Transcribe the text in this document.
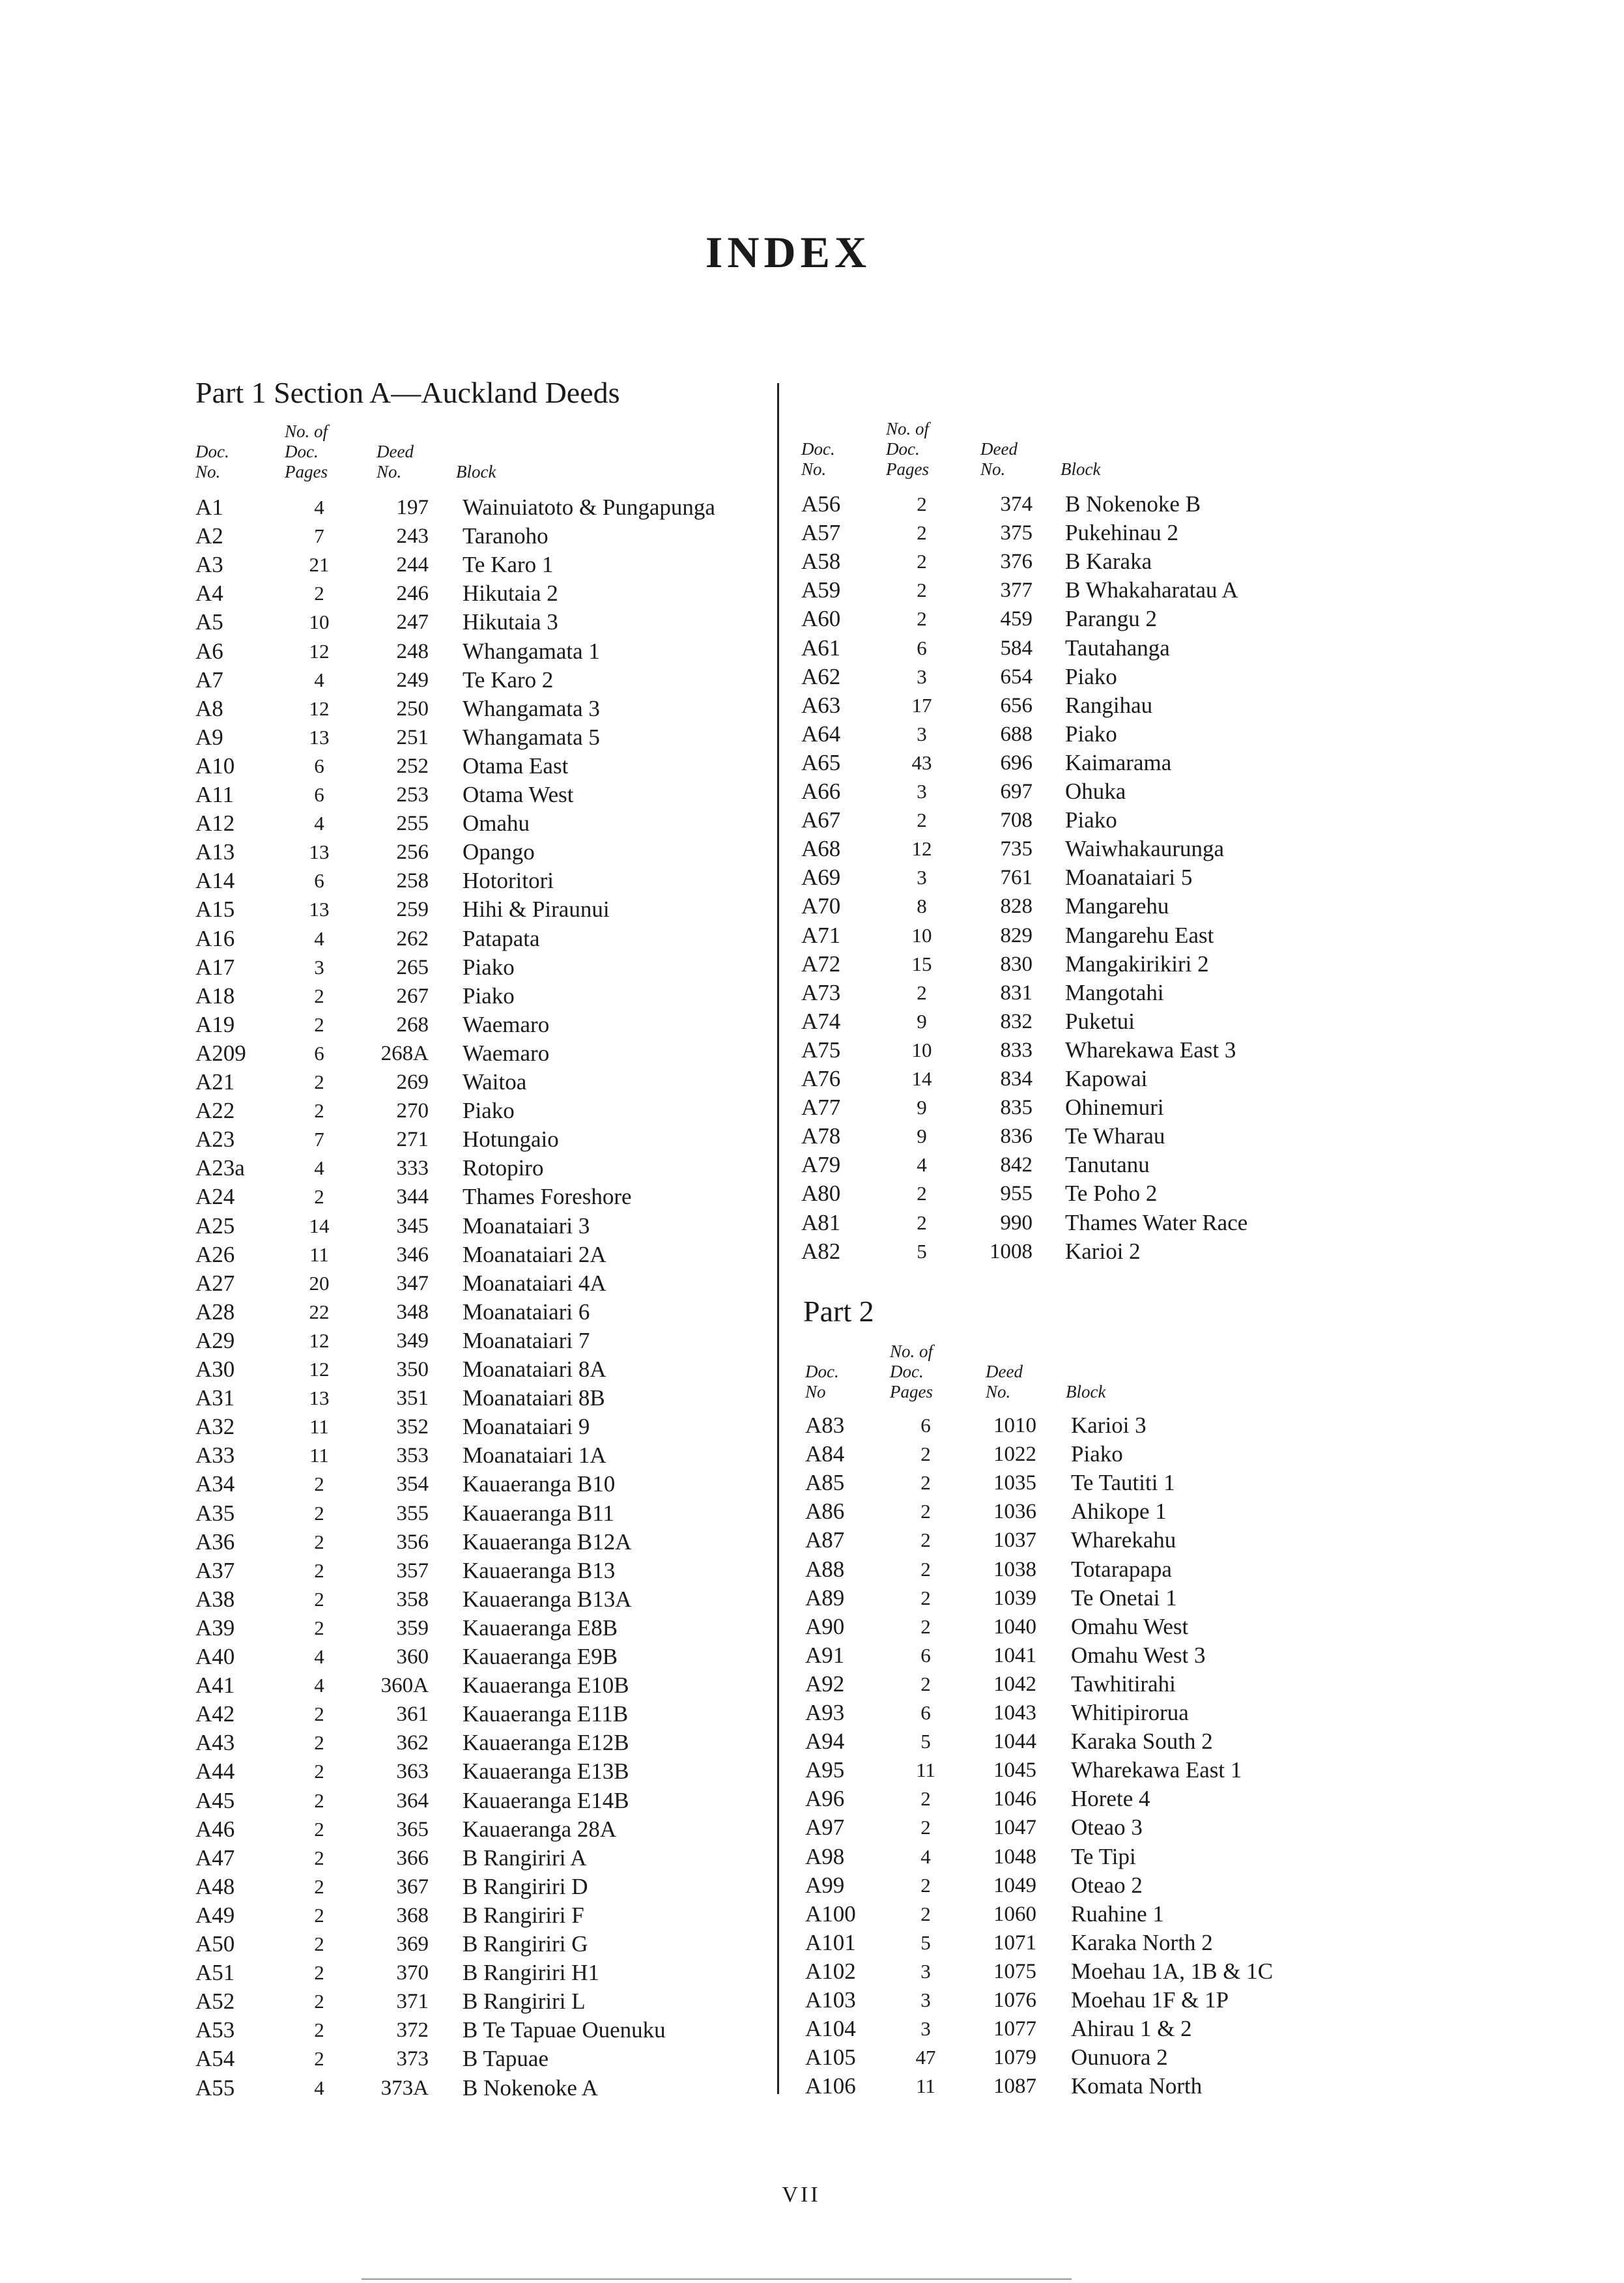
INDEX
Part 1 Section A—Auckland Deeds
Doc.
No.
No. of
Doc.
Pages
Deed
No.	Block
Doc.
No.
No. of
Doc.
Pages
Deed
No.	Block
A1	4	197 Wainuiatoto & Pungapunga
A2	7	243 Taranoho
A3	21	244 Te Karo 1
A4	2	246 Hikutaia 2
A5	10	247 Hikutaia 3
A6	12	248 Whangamata 1
A7	4	249 Te Karo 2
A8	12	250 Whangamata 3
A9	13	251 Whangamata 5
A10	6	252 Otama East
A11	6	253 Otama West
A12	4	255 Omahu
A13	13	256 Opango
A14	6	258 Hotoritori
A15	13	259 Hihi & Piraunui
A16	4	262 Patapata
A17	3	265 Piako
A18	2	267 Piako
A19	2	268 Waemaro
A209	6	268A Waemaro
A21	2	269 Waitoa
A22	2	270 Piako
A23	7	271 Hotungaio
A23a	4	333 Rotopiro
A24	2	344 Thames Foreshore
A25	14	345 Moanataiari 3
A26	11	346 Moanataiari 2A
A27	20	347 Moanataiari 4A
A28	22	348 Moanataiari 6
A29	12	349 Moanataiari 7
A30	12	350 Moanataiari 8A
A31	13	351 Moanataiari 8B
A32	11	352 Moanataiari 9
A33	11	353 Moanataiari 1A
A34	2	354 Kauaeranga B10
A35	2	355 Kauaeranga B11
A36	2	356 Kauaeranga B12A
A37	2	357 Kauaeranga B13
A38	2	358 Kauaeranga B13A
A39	2	359 Kauaeranga E8B
A40	4	360 Kauaeranga E9B
A41	4	360A Kauaeranga E10B
A42	2	361 Kauaeranga E11B
A43	2	362 Kauaeranga E12B
A44	2	363 Kauaeranga E13B
A45	2	364 Kauaeranga E14B
A46	2	365 Kauaeranga 28A
A47	2	366 B Rangiriri A
A48	2	367 B Rangiriri D
A49	2	368 B Rangiriri F
A50	2	369 B Rangiriri G
A51	2	370 B Rangiriri H1
A52	2	371 B Rangiriri L
A53	2	372 B Te Tapuae Ouenuku
A54	2	373 B Tapuae
A55	4	373A B Nokenoke A
A56	2	374 B Nokenoke B
A57	2	375 Pukehinau 2
A58	2	376 B Karaka
A59	2	377 B Whakaharatau A
A60	2	459 Parangu 2
A61	6	584 Tautahanga
A62	3	654 Piako
A63	17	656 Rangihau
A64	3	688 Piako
A65	43	696 Kaimarama
A66	3	697 Ohuka
A67	2	708 Piako
A68	12	735 Waiwhakaurunga
A69	3	761 Moanataiari 5
A70	8	828 Mangarehu
A71	10	829 Mangarehu East
A72	15	830 Mangakirikiri 2
A73	2	831 Mangotahi
A74	9	832 Puketui
A75	10	833 Wharekawa East 3
A76	14	834 Kapowai
A77	9	835 Ohinemuri
A78	9	836 Te Wharau
A79	4	842 Tanutanu
A80	2	955 Te Poho 2
A81	2	990 Thames Water Race
A82	5	1008 Karioi 2
Part 2
Doc.
No
No. of
Doc.
Pages
Deed
No.	Block
A83	6	1010 Karioi 3
A84	2	1022 Piako
A85	2	1035 Te Tautiti 1
A86	2	1036 Ahikope 1
A87	2	1037 Wharekahu
A88	2	1038 Totarapapa
A89	2	1039 Te Onetai 1
A90	2	1040 Omahu West
A91	6	1041 Omahu West 3
A92	2	1042 Tawhitirahi
A93	6	1043 Whitipirorua
A94	5	1044 Karaka South 2
A95	11	1045 Wharekawa East 1
A96	2	1046 Horete 4
A97	2	1047 Oteao 3
A98	4	1048 Te Tipi
A99	2	1049 Oteao 2
A100	2	1060 Ruahine 1
A101	5	1071 Karaka North 2
A102	3	1075 Moehau 1A, 1B & 1C
A103	3	1076 Moehau 1F & 1P
A104	3	1077 Ahirau 1 & 2
A105	47	1079 Ounuora 2
A106	11	1087 Komata North

VII
